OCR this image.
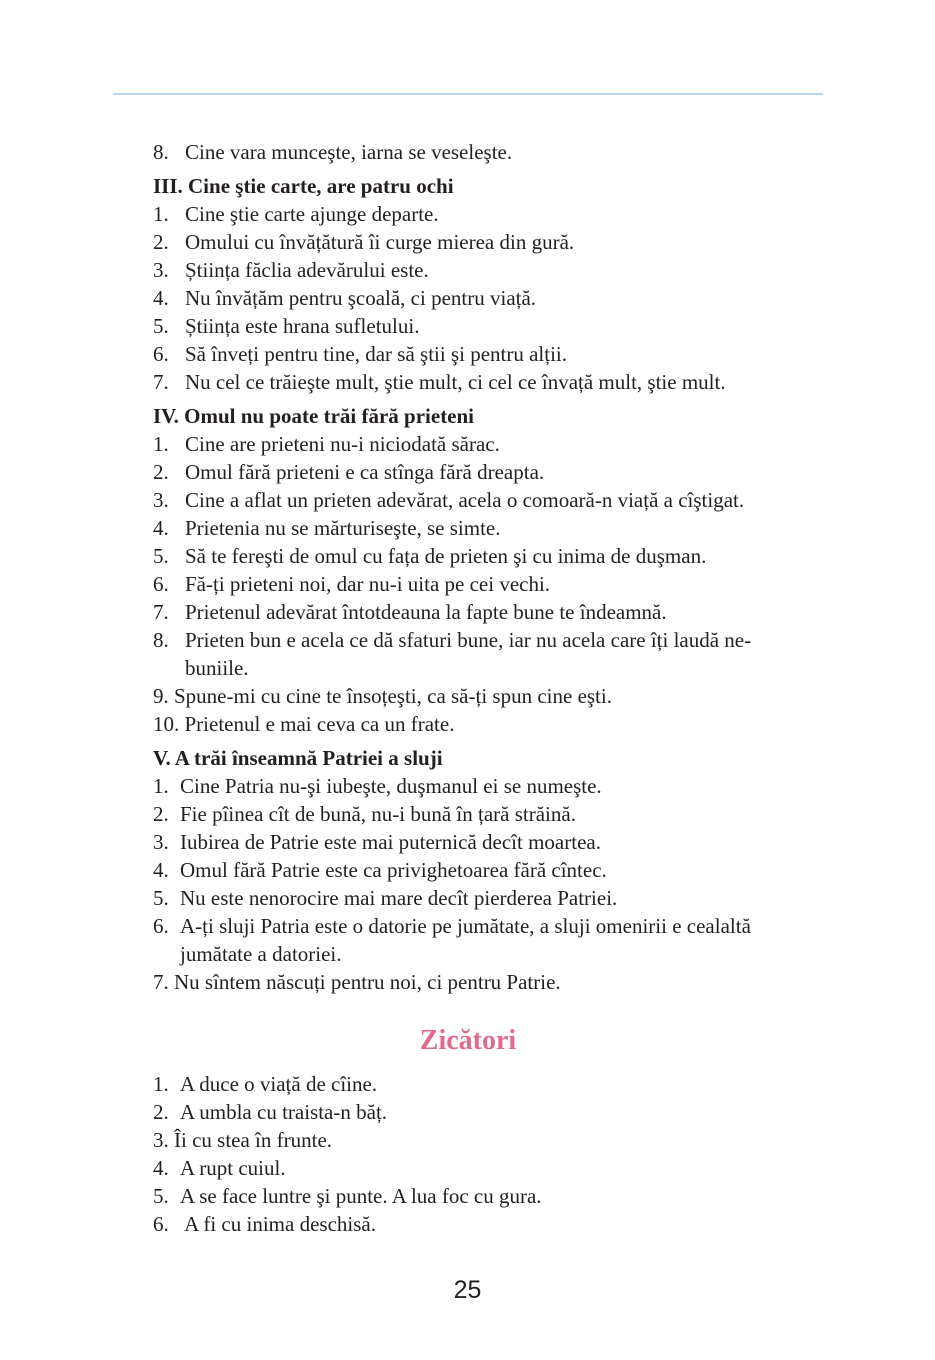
8. Cine vara munceşte, iarna se veseleşte.
III. Cine ştie carte, are patru ochi
1. Cine ştie carte ajunge departe.
2. Omului cu învățătură îi curge mierea din gură.
3. Știința făclia adevărului este.
4. Nu învățăm pentru şcoală, ci pentru viață.
5. Știința este hrana sufletului.
6. Să înveți pentru tine, dar să ştii şi pentru alții.
7. Nu cel ce trăieşte mult, ştie mult, ci cel ce învață mult, ştie mult.
IV. Omul nu poate trăi fără prieteni
1. Cine are prieteni nu-i niciodată sărac.
2. Omul fără prieteni e ca stînga fără dreapta.
3. Cine a aflat un prieten adevărat, acela o comoară-n viață a cîştigat.
4. Prietenia nu se mărturiseşte, se simte.
5. Să te fereşti de omul cu fața de prieten şi cu inima de duşman.
6. Fă-ți prieteni noi, dar nu-i uita pe cei vechi.
7. Prietenul adevărat întotdeauna la fapte bune te îndeamnă.
8. Prieten bun e acela ce dă sfaturi bune, iar nu acela care îți laudă ne-
buniile.
9. Spune-mi cu cine te însoțeşti, ca să-ți spun cine eşti.
10. Prietenul e mai ceva ca un frate.
V. A trăi înseamnă Patriei a sluji
1. Cine Patria nu-şi iubeşte, duşmanul ei se numeşte.
2. Fie pîinea cît de bună, nu-i bună în țară străină.
3. Iubirea de Patrie este mai puternică decît moartea.
4. Omul fără Patrie este ca privighetoarea fără cîntec.
5. Nu este nenorocire mai mare decît pierderea Patriei.
6. A-ți sluji Patria este o datorie pe jumătate, a sluji omenirii e cealaltă
jumătate a datoriei.
7. Nu sîntem născuți pentru noi, ci pentru Patrie.
Zicători
1. A duce o viață de cîine.
2. A umbla cu traista-n băț.
3. Îi cu stea în frunte.
4. A rupt cuiul.
5. A se face luntre şi punte. A lua foc cu gura.
6. A fi cu inima deschisă.
25
